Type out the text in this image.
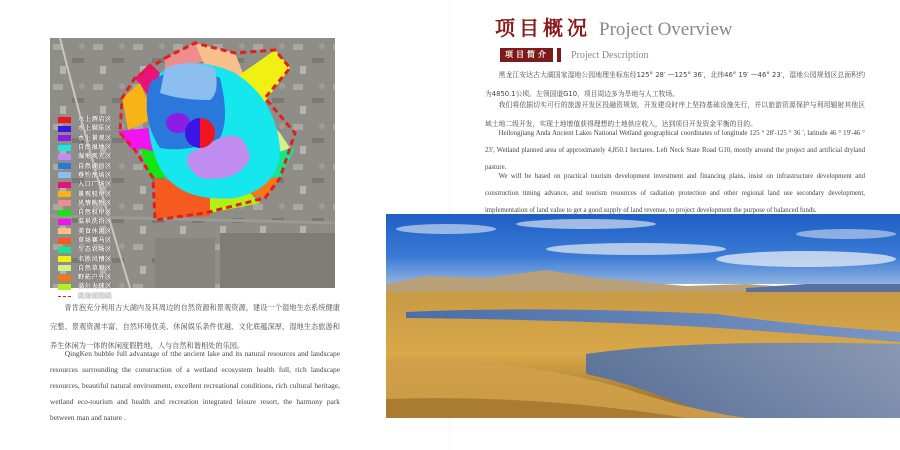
水上酒店区
水上娱乐区
水上景观区
自然湿地区
湿地观光区
自然湖泊区
垂钓渔场区
入口广场区
景观驳岸区
风情购物区
自然驳岸区
温泉洗浴区
美食休闲区
草场赛马区
生态农场区
名胜风情区
自然草原区
野拓户外区
高尔夫球区
规划范围线

青肯泡充分利用古大湖内及其周边的自然资源和景观资源，建设一个湿地生态系统健康完整、景观资源丰富、自然环境优美、休闲娱乐条件优越、文化底蕴深厚，湿地生态旅游和养生休闲为一体的休闲度假胜地，人与自然和谐相处的乐园。

QingKen bubble full advantage of tthe ancient lake and its natural resources and landscape resources surrounding the construction of a wetland ecosystem health full, rich landscape resources, beautiful natural environment, excellent recreational conditions, rich cultural heritage, wetland eco-tourism and health and recreation integrated leisure resort, the harmony park between man and nature .

项目概况 Project Overview
项目简介	Project Description

黑龙江安达古大湖国家湿地公园地理坐标东经125° 28′ —125° 36′，北纬46° 19′ —46° 23′，湿地公园规划区总面积约为4850.1公顷。左领国道G10，项目周边多为旱地与人工牧场。

我们将依据切实可行的旅游开发区投融资规划，开发建设时序上坚持基础设施先行，并以旅游资源保护与利用辐射其他区域土地二级开发，实现土地增值获得理想的土地供应收入，达到项目开发资金平衡的目的。

Heilongjiang Anda Ancient Lakes National Wetland geographical coordinates of longitude 125 ° 28'-125 ° 36 ', latitude 46 ° 19'-46 ° 23', Wetland planned area of approximately 4,850.1 hectares. Left Neck State Road G10, mostly around the project and artificial dryland pasture.

We will be based on practical tourism development investment and financing plans, insist on infrastructure development and construction timing advance, and tourism resources of radiation protection and other regional land use secondary development, implementation of land value to get a good supply of land revenue, to project development the purpose of balanced funds.
